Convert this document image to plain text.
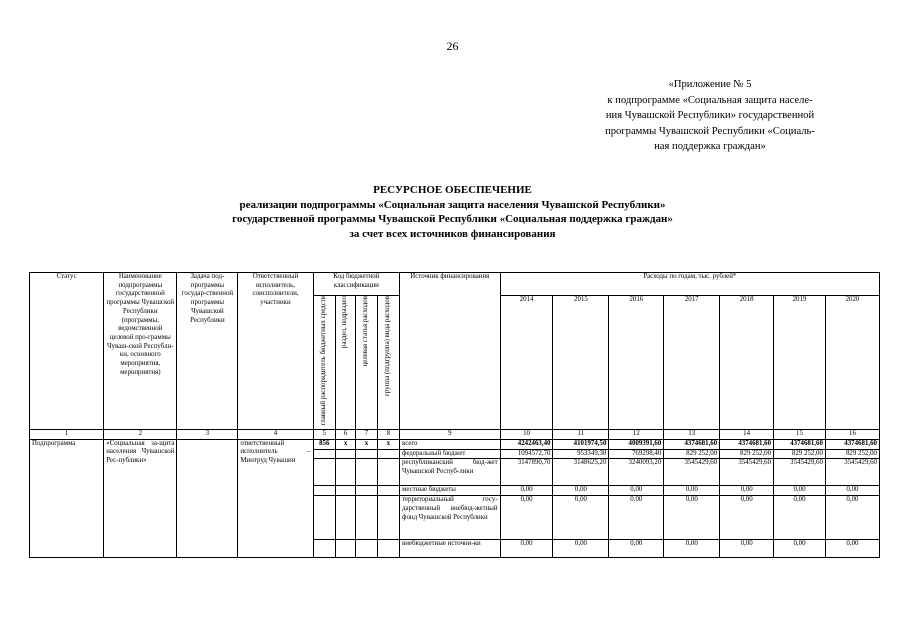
26
«Приложение № 5
к подпрограмме «Социальная защита населе-
ния Чувашской Республики» государственной
программы Чувашской Республики «Социаль-
ная поддержка граждан»
РЕСУРСНОЕ ОБЕСПЕЧЕНИЕ
реализации подпрограммы «Социальная защита населения Чувашской Республики»
государственной программы Чувашской Республики «Социальная поддержка граждан»
за счет всех источников финансирования
Статус	Наименование подпрограммы государственной программы Чувашской Республики (программы, ведомственной целевой про-граммы Чуваш-ской Республи-ки, основного мероприятия, мероприятия)	Задача под-программы государ-ственной программы Чувашской Республики	Ответственный исполнитель, соисполнители, участники	Код бюджетной классификации				Источник финансирования	Расходы по годам, тыс. рублей*						
				главный распорядитель бюджетных средств	раздел, подраздел	целевая статья расходов	группа (подгруппа) вида расходов		2014	2015	2016	2017	2018	2019	2020
1	2	3	4	5	6	7	8	9	10	11	12	13	14	15	16
Подпрограмма	«Социальная за-щита населения Чувашской Рес-публики»		ответственный исполнитель – Минтруд Чувашии	856	x	x	x	всего	4242463,40	4101974,50	4009391,60	4374681,60	4374681,60	4374681,60	4374681,60
								федеральный бюджет	1094572,70	953349,30	769298,40	829 252,00	829 252,00	829 252,00	829 252,00
								республиканский бюд-жет Чувашской Респуб-лики	3147890,70	3148625,20	3240093,20	3545429,60	3545429,60	3545429,60	3545429,60
								местные бюджеты	0,00	0,00	0,00	0,00	0,00	0,00	0,00
								территориальный госу-дарственный внебюд-жетный фонд Чувашской Республики	0,00	0,00	0,00	0,00	0,00	0,00	0,00
								внебюджетные источни-ки	0,00	0,00	0,00	0,00	0,00	0,00	0,00
